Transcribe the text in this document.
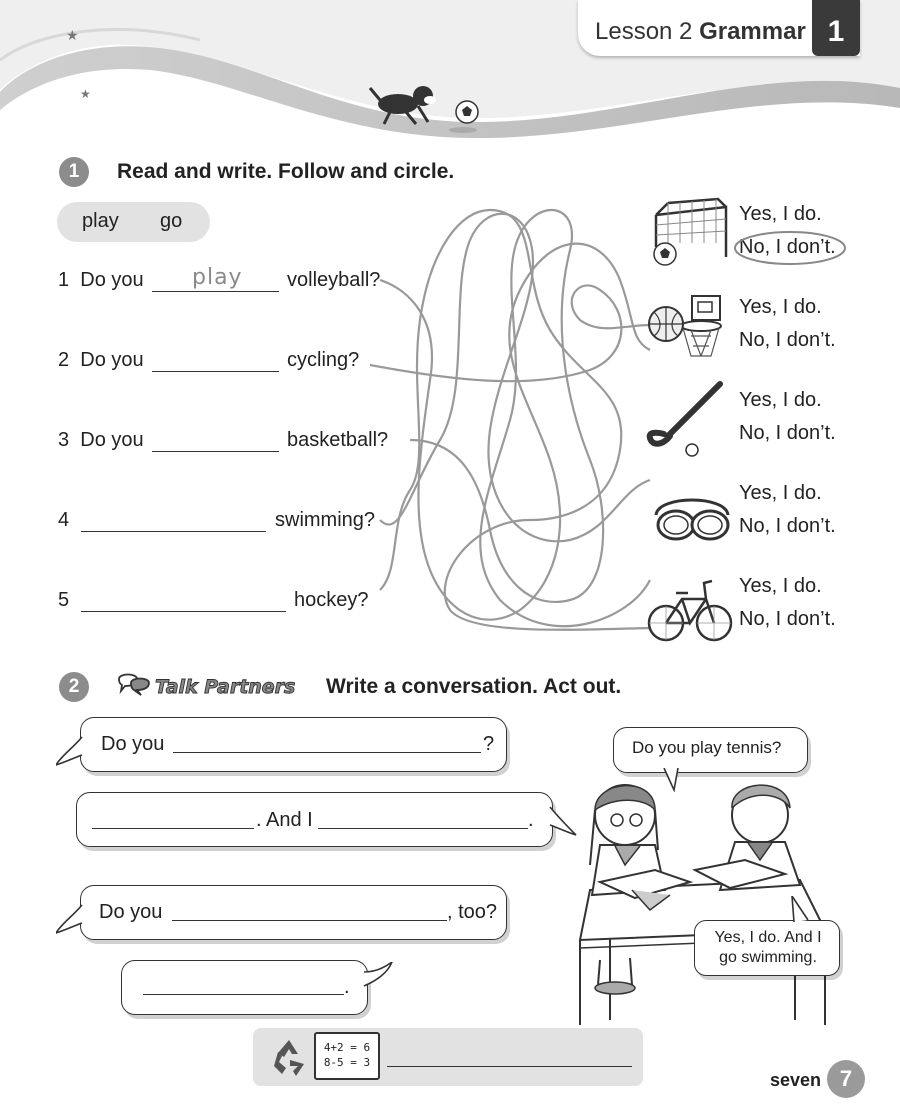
★
★
Lesson 2 Grammar 1
1	Read and write. Follow and circle.
play go
1 Do you play volleyball?
2 Do you	cycling?
3 Do you	basketball?
4	swimming?
5	hockey?
Yes, I do.
No, I don’t.
Yes, I do.
No, I don’t.
Yes, I do.
No, I don’t.
Yes, I do.
No, I don’t.
Yes, I do.
No, I don’t.
2	Talk Partners Write a conversation. Act out.
Do you	?
. And I	.
Do you	, too?
.
Do you play tennis?
Yes, I do. And I go swimming.
4+2 = 6
8-5 = 3
seven 7
